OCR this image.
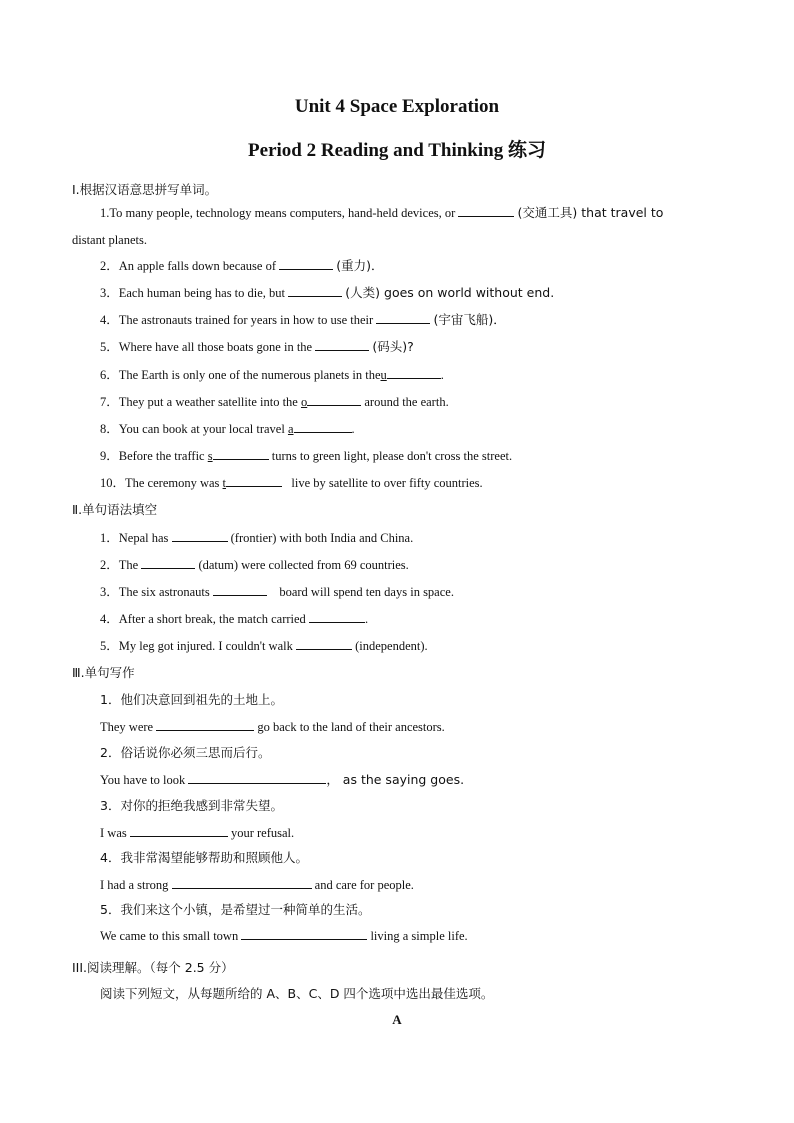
Unit 4 Space Exploration
Period 2 Reading and Thinking 练习
I.根据汉语意思拼写单词。
1.To many people, technology means computers, hand-held devices, or	(交通工具) that travel to
distant planets.
2．An apple falls down because of	(重力)．
3．Each human being has to die, but	(人类) goes on world without end.
4．The astronauts trained for years in how to use their	(宇宙飞船)．
5．Where have all those boats gone in the	(码头)?
6．The Earth is only one of the numerous planets in theu	.
7．They put a weather satellite into the o	around the earth.
8．You can book at your local travel a	.
9．Before the traffic s	turns to green light, please don't cross the street.
10．The ceremony was t	live by satellite to over fifty countries.
Ⅱ.单句语法填空
1．Nepal has	(frontier) with both India and China.
2．The	(datum) were collected from 69 countries.
3．The six astronauts	board will spend ten days in space.
4．After a short break, the match carried	.
5．My leg got injured. I couldn't walk	(independent).
Ⅲ.单句写作
1．他们决意回到祖先的土地上。
They were	go back to the land of their ancestors.
2．俗话说你必须三思而后行。
You have to look	， as the saying goes.
3．对你的拒绝我感到非常失望。
I was	your refusal.
4．我非常渴望能够帮助和照顾他人。
I had a strong	and care for people.
5．我们来这个小镇，是希望过一种简单的生活。
We came to this small town	living a simple life.
III.阅读理解。（每个 2.5 分）
阅读下列短文，从每题所给的 A、B、C、D 四个选项中选出最佳选项。
A
